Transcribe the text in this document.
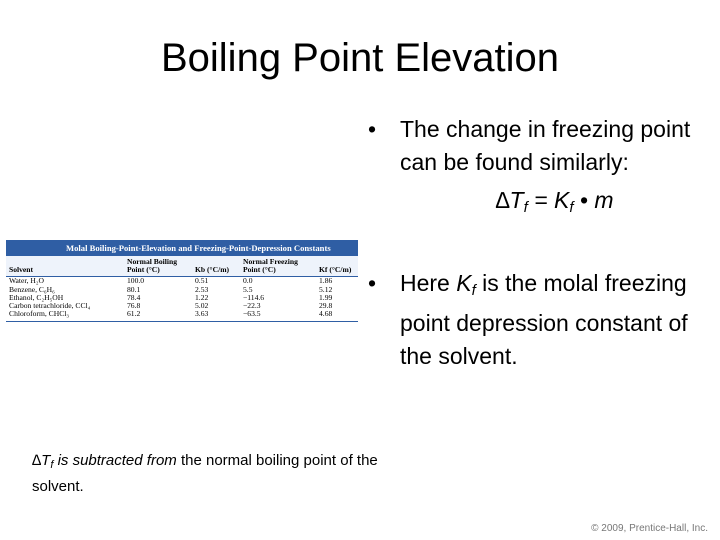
Boiling Point Elevation
Molal Boiling-Point-Elevation and Freezing-Point-Depression Constants
Solvent	Normal Boiling Point (°C)	Kb (°C/m)	Normal Freezing Point (°C)	Kf (°C/m)
Water, H₂O	100.0	0.51	0.0	1.86
Benzene, C₆H₆	80.1	2.53	5.5	5.12
Ethanol, C₂H₅OH	78.4	1.22	−114.6	1.99
Carbon tetrachloride, CCl₄	76.8	5.02	−22.3	29.8
Chloroform, CHCl₃	61.2	3.63	−63.5	4.68
• The change in freezing point can be found similarly:
$\Delta T_f = K_f$ • m
• Here $K_f$ is the molal freezing point depression constant of the solvent.
$\Delta T_f$ is subtracted from the normal boiling point of the solvent.
© 2009, Prentice-Hall, Inc.
